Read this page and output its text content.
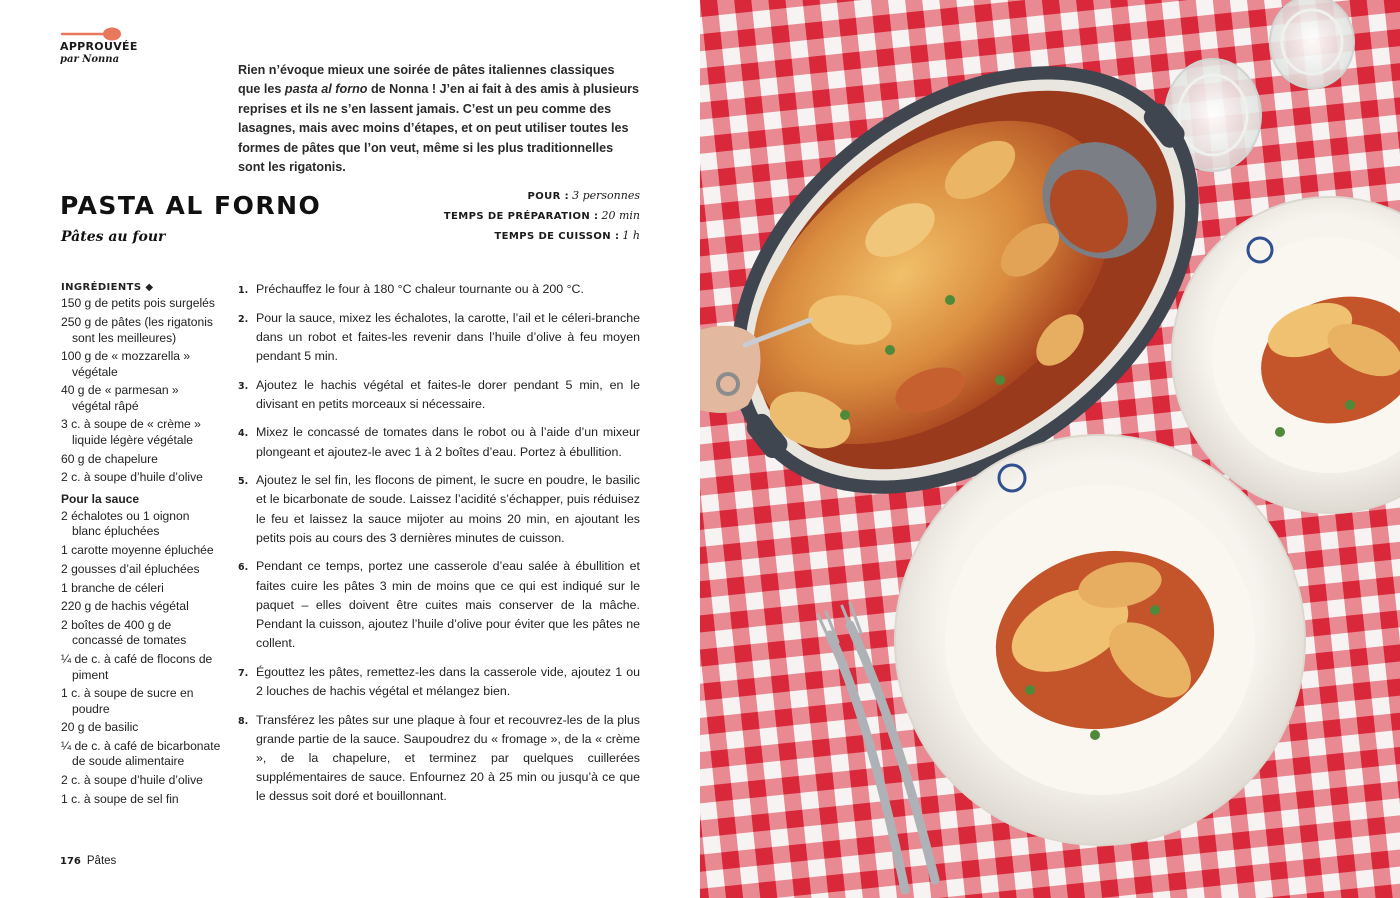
APPROUVÉE
par Nonna

Rien n’évoque mieux une soirée de pâtes italiennes classiques que les pasta al forno de Nonna ! J’en ai fait à des amis à plusieurs reprises et ils ne s’en lassent jamais. C’est un peu comme des lasagnes, mais avec moins d’étapes, et on peut utiliser toutes les formes de pâtes que l’on veut, même si les plus traditionnelles sont les rigatonis.

PASTA AL FORNO
Pâtes au four
POUR : 3 personnes
TEMPS DE PRÉPARATION : 20 min
TEMPS DE CUISSON : 1 h
INGRÉDIENTS ◆
150 g de petits pois surgelés
250 g de pâtes (les rigatonis sont les meilleures)
100 g de « mozzarella » végétale
40 g de « parmesan » végétal râpé
3 c. à soupe de « crème » liquide légère végétale
60 g de chapelure
2 c. à soupe d’huile d’olive
Pour la sauce
2 échalotes ou 1 oignon blanc épluchées
1 carotte moyenne épluchée
2 gousses d’ail épluchées
1 branche de céleri
220 g de hachis végétal
2 boîtes de 400 g de concassé de tomates
¼ de c. à café de flocons de piment
1 c. à soupe de sucre en poudre
20 g de basilic
¼ de c. à café de bicarbonate de soude alimentaire
2 c. à soupe d’huile d’olive
1 c. à soupe de sel fin
1. Préchauffez le four à 180 °C chaleur tournante ou à 200 °C.
2. Pour la sauce, mixez les échalotes, la carotte, l’ail et le céleri-branche dans un robot et faites-les revenir dans l’huile d’olive à feu moyen pendant 5 min.
3. Ajoutez le hachis végétal et faites-le dorer pendant 5 min, en le divisant en petits morceaux si nécessaire.
4. Mixez le concassé de tomates dans le robot ou à l’aide d’un mixeur plongeant et ajoutez-le avec 1 à 2 boîtes d’eau. Portez à ébullition.
5. Ajoutez le sel fin, les flocons de piment, le sucre en poudre, le basilic et le bicarbonate de soude. Laissez l’acidité s’échapper, puis réduisez le feu et laissez la sauce mijoter au moins 20 min, en ajoutant les petits pois au cours des 3 dernières minutes de cuisson.
6. Pendant ce temps, portez une casserole d’eau salée à ébullition et faites cuire les pâtes 3 min de moins que ce qui est indiqué sur le paquet – elles doivent être cuites mais conserver de la mâche. Pendant la cuisson, ajoutez l’huile d’olive pour éviter que les pâtes ne collent.
7. Égouttez les pâtes, remettez-les dans la casserole vide, ajoutez 1 ou 2 louches de hachis végétal et mélangez bien.
8. Transférez les pâtes sur une plaque à four et recouvrez-les de la plus grande partie de la sauce. Saupoudrez du « fromage », de la « crème », de la chapelure, et terminez par quelques cuillerées supplémentaires de sauce. Enfournez 20 à 25 min ou jusqu’à ce que le dessus soit doré et bouillonnant.
176 Pâtes
